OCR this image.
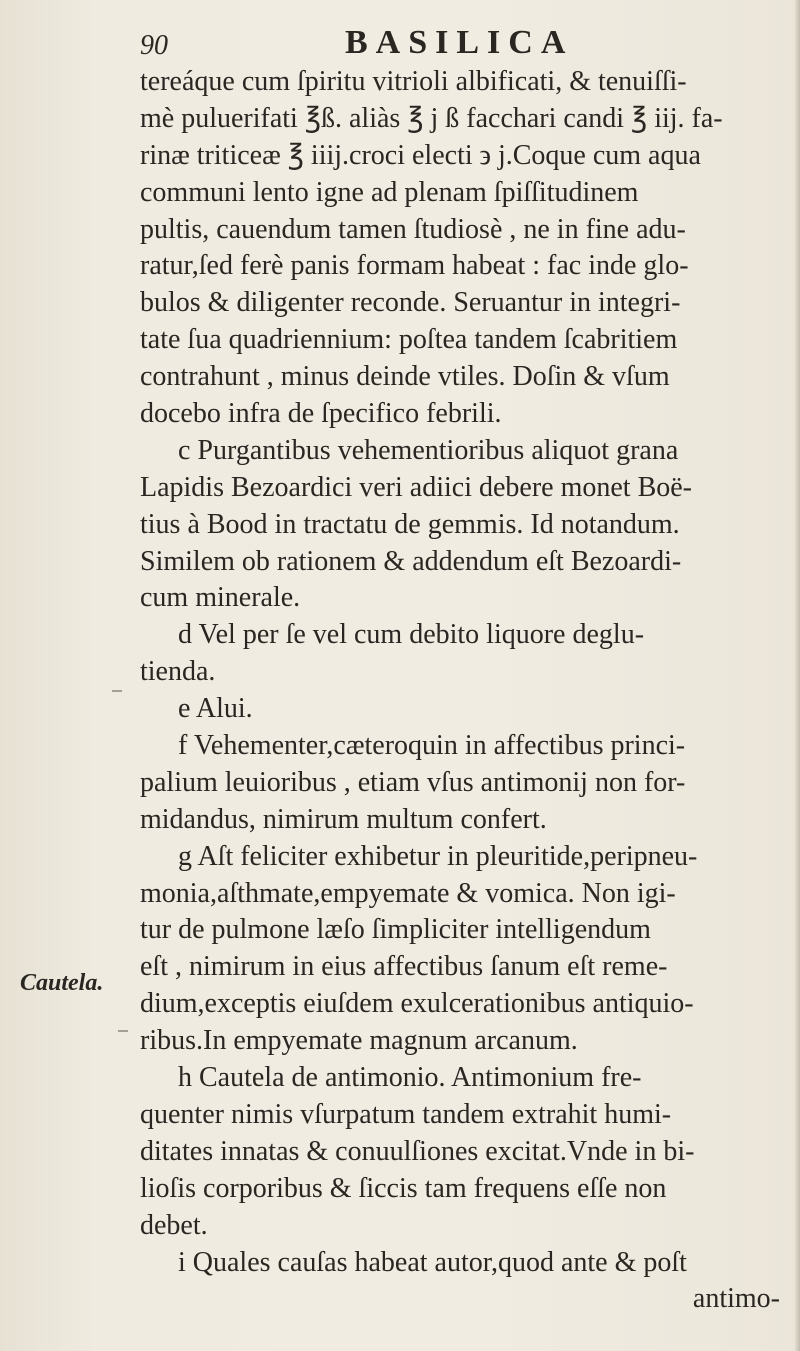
90	BASILICA
Cautela.
tereáque cum ſpiritu vitrioli albificati, & tenuiſſi-
mè puluerifati ℥ß. aliàs ℥ j ß facchari candi ℥ iij. fa-
rinæ triticeæ ℥ iiij.croci electi ϶ j.Coque cum aqua
communi lento igne ad plenam ſpiſſitudinem
pultis, cauendum tamen ſtudiosè , ne in fine adu-
ratur,ſed ferè panis formam habeat : fac inde glo-
bulos & diligenter reconde. Seruantur in integri-
tate ſua quadriennium: poſtea tandem ſcabritiem
contrahunt , minus deinde vtiles. Doſin & vſum
docebo infra de ſpecifico febrili.
c Purgantibus vehementioribus aliquot grana
Lapidis Bezoardici veri adiici debere monet Boë-
tius à Bood in tractatu de gemmis. Id notandum.
Similem ob rationem & addendum eſt Bezoardi-
cum minerale.
d Vel per ſe vel cum debito liquore deglu-
tienda.
e Alui.
f Vehementer,cæteroquin in affectibus princi-
palium leuioribus , etiam vſus antimonij non for-
midandus, nimirum multum confert.
g Aſt feliciter exhibetur in pleuritide,peripneu-
monia,aſthmate,empyemate & vomica. Non igi-
tur de pulmone læſo ſimpliciter intelligendum
eſt , nimirum in eius affectibus ſanum eſt reme-
dium,exceptis eiuſdem exulcerationibus antiquio-
ribus.In empyemate magnum arcanum.
h Cautela de antimonio. Antimonium fre-
quenter nimis vſurpatum tandem extrahit humi-
ditates innatas & conuulſiones excitat.Vnde in bi-
lioſis corporibus & ſiccis tam frequens eſſe non
debet.
i Quales cauſas habeat autor,quod ante & poſt
antimo-
